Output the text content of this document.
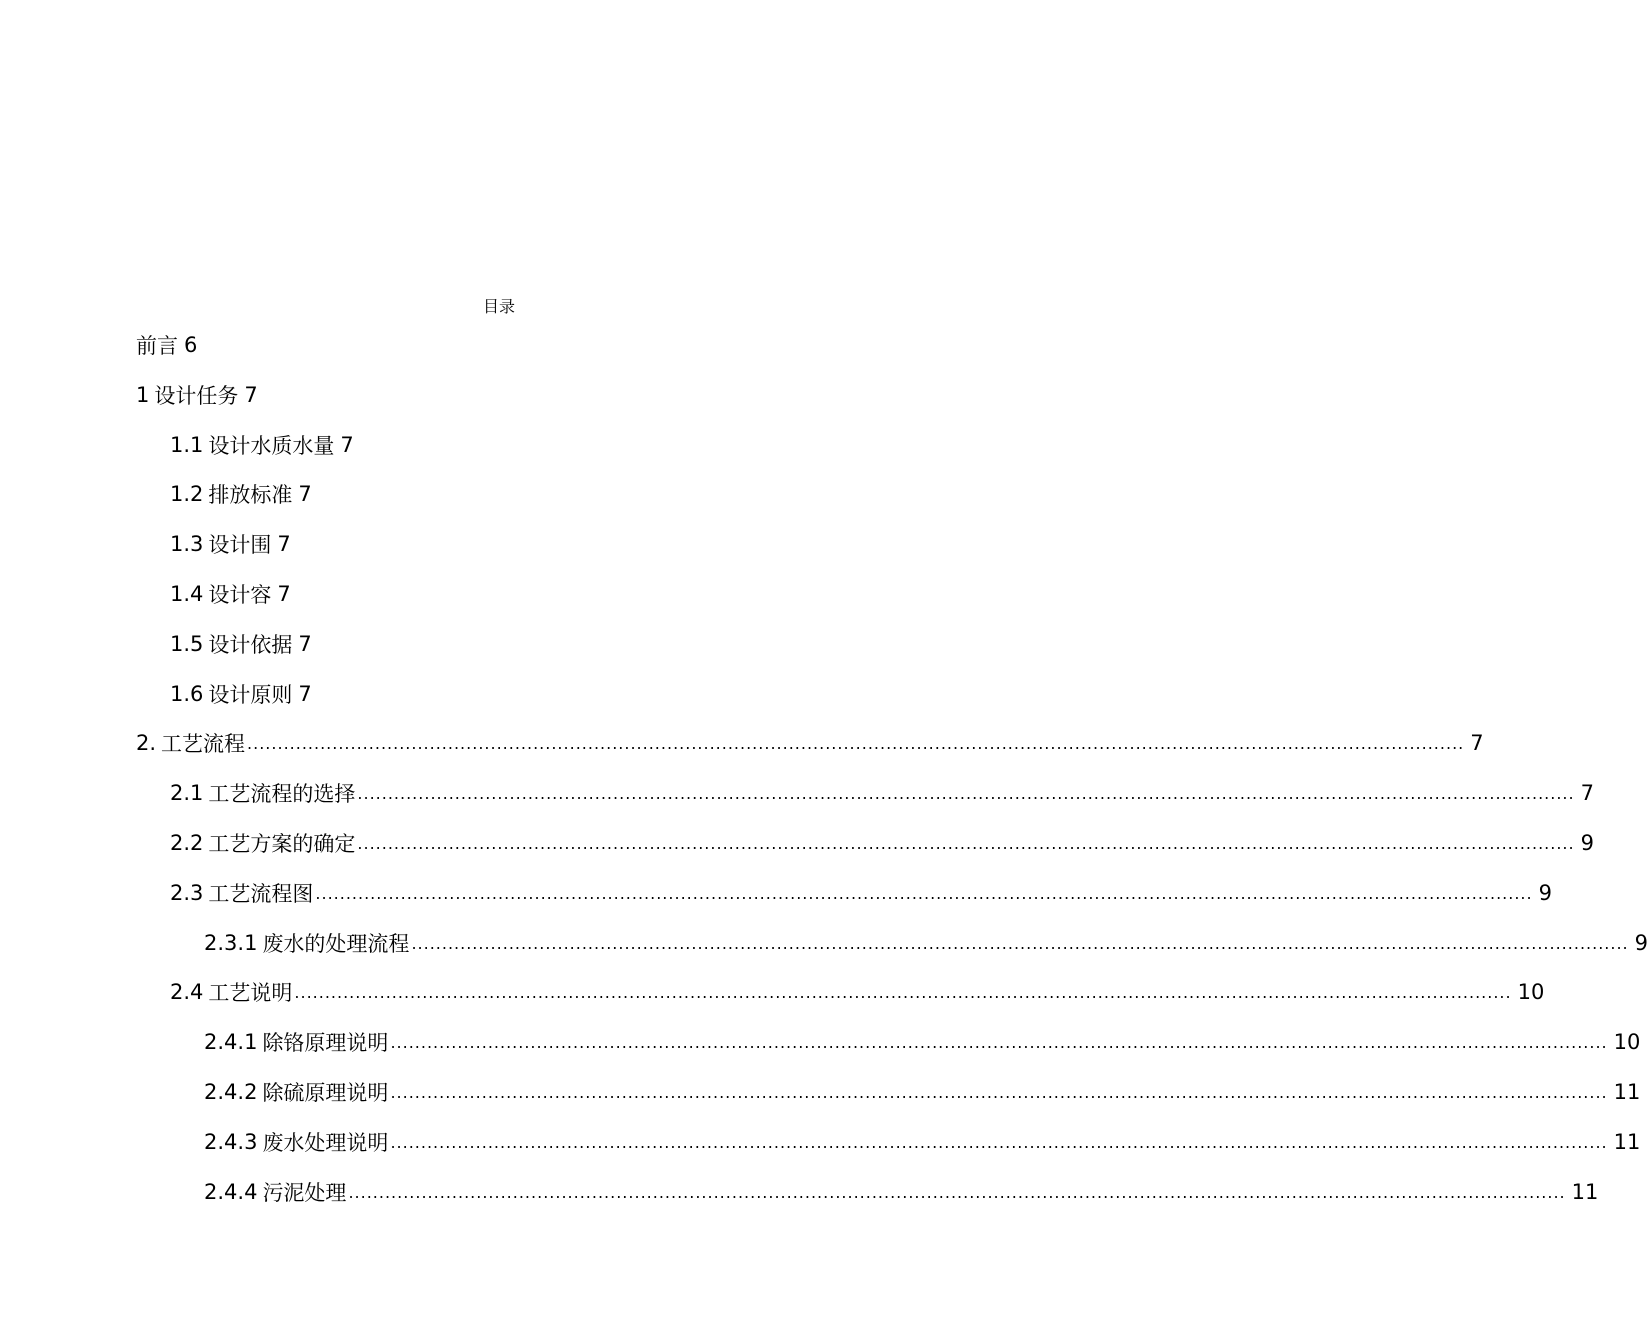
目录
前言 6
1 设计任务 7
1.1 设计水质水量 7
1.2 排放标准 7
1.3 设计围 7
1.4 设计容 7
1.5 设计依据 7
1.6 设计原则 7
2. 工艺流程 ........................................................................................................................................................................................................ 7
2.1 工艺流程的选择 ........................................................................................................................................................................................................ 7
2.2 工艺方案的确定 ........................................................................................................................................................................................................ 9
2.3 工艺流程图 ........................................................................................................................................................................................................ 9
2.3.1 废水的处理流程 ........................................................................................................................................................................................................ 9
2.4 工艺说明 ........................................................................................................................................................................................................ 10
2.4.1 除铬原理说明 ........................................................................................................................................................................................................ 10
2.4.2 除硫原理说明 ........................................................................................................................................................................................................ 11
2.4.3 废水处理说明 ........................................................................................................................................................................................................ 11
2.4.4 污泥处理 ........................................................................................................................................................................................................ 11
